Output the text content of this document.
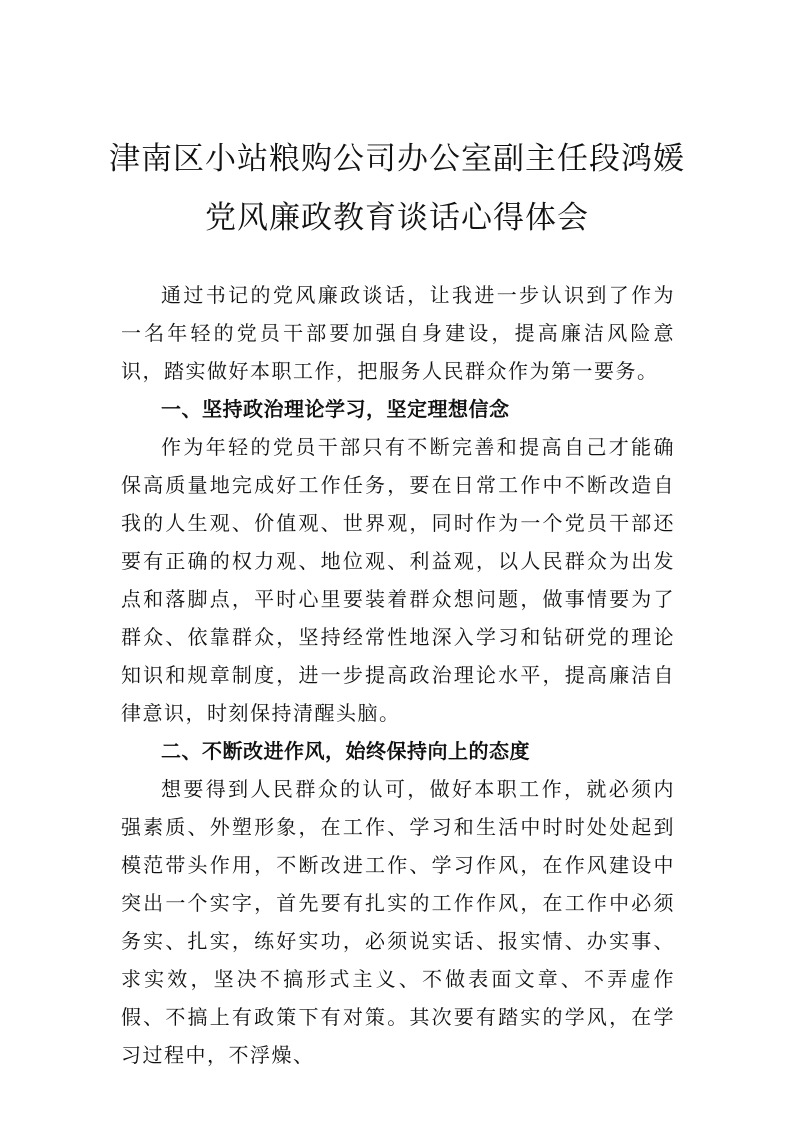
津南区小站粮购公司办公室副主任段鸿媛
党风廉政教育谈话心得体会

通过书记的党风廉政谈话，让我进一步认识到了作为一名年轻的党员干部要加强自身建设，提高廉洁风险意识，踏实做好本职工作，把服务人民群众作为第一要务。

一、坚持政治理论学习，坚定理想信念

作为年轻的党员干部只有不断完善和提高自己才能确保高质量地完成好工作任务，要在日常工作中不断改造自我的人生观、价值观、世界观，同时作为一个党员干部还要有正确的权力观、地位观、利益观，以人民群众为出发点和落脚点，平时心里要装着群众想问题，做事情要为了群众、依靠群众，坚持经常性地深入学习和钻研党的理论知识和规章制度，进一步提高政治理论水平，提高廉洁自律意识，时刻保持清醒头脑。

二、不断改进作风，始终保持向上的态度

想要得到人民群众的认可，做好本职工作，就必须内强素质、外塑形象，在工作、学习和生活中时时处处起到模范带头作用，不断改进工作、学习作风，在作风建设中突出一个实字，首先要有扎实的工作作风，在工作中必须务实、扎实，练好实功，必须说实话、报实情、办实事、求实效，坚决不搞形式主义、不做表面文章、不弄虚作假、不搞上有政策下有对策。其次要有踏实的学风，在学习过程中，不浮燥、
